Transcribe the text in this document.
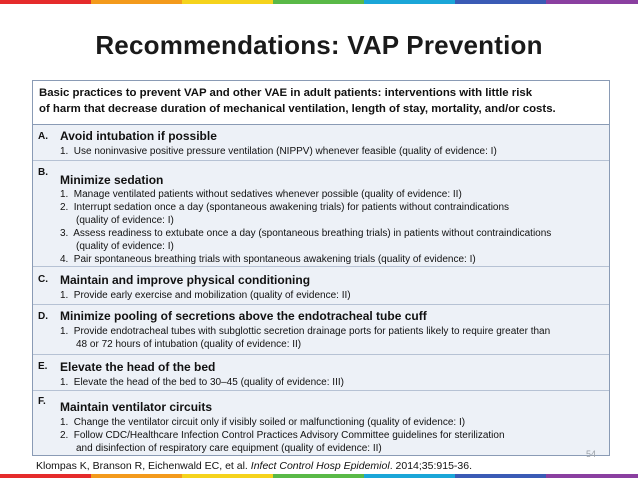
Recommendations: VAP Prevention
Basic practices to prevent VAP and other VAE in adult patients: interventions with little risk
of harm that decrease duration of mechanical ventilation, length of stay, mortality, and/or costs.
A. Avoid intubation if possible
1. Use noninvasive positive pressure ventilation (NIPPV) whenever feasible (quality of evidence: I)
B.
Minimize sedation
1. Manage ventilated patients without sedatives whenever possible (quality of evidence: II)
2. Interrupt sedation once a day (spontaneous awakening trials) for patients without contraindications
(quality of evidence: I)
3. Assess readiness to extubate once a day (spontaneous breathing trials) in patients without contraindications
(quality of evidence: I)
4. Pair spontaneous breathing trials with spontaneous awakening trials (quality of evidence: I)
C. Maintain and improve physical conditioning
1. Provide early exercise and mobilization (quality of evidence: II)
D. Minimize pooling of secretions above the endotracheal tube cuff
1. Provide endotracheal tubes with subglottic secretion drainage ports for patients likely to require greater than
48 or 72 hours of intubation (quality of evidence: II)
E. Elevate the head of the bed
1. Elevate the head of the bed to 30–45 (quality of evidence: III)
F. Maintain ventilator circuits
1. Change the ventilator circuit only if visibly soiled or malfunctioning (quality of evidence: I)
2. Follow CDC/Healthcare Infection Control Practices Advisory Committee guidelines for sterilization
and disinfection of respiratory care equipment (quality of evidence: II)	54
Klompas K, Branson R, Eichenwald EC, et al. Infect Control Hosp Epidemiol. 2014;35:915-36.
